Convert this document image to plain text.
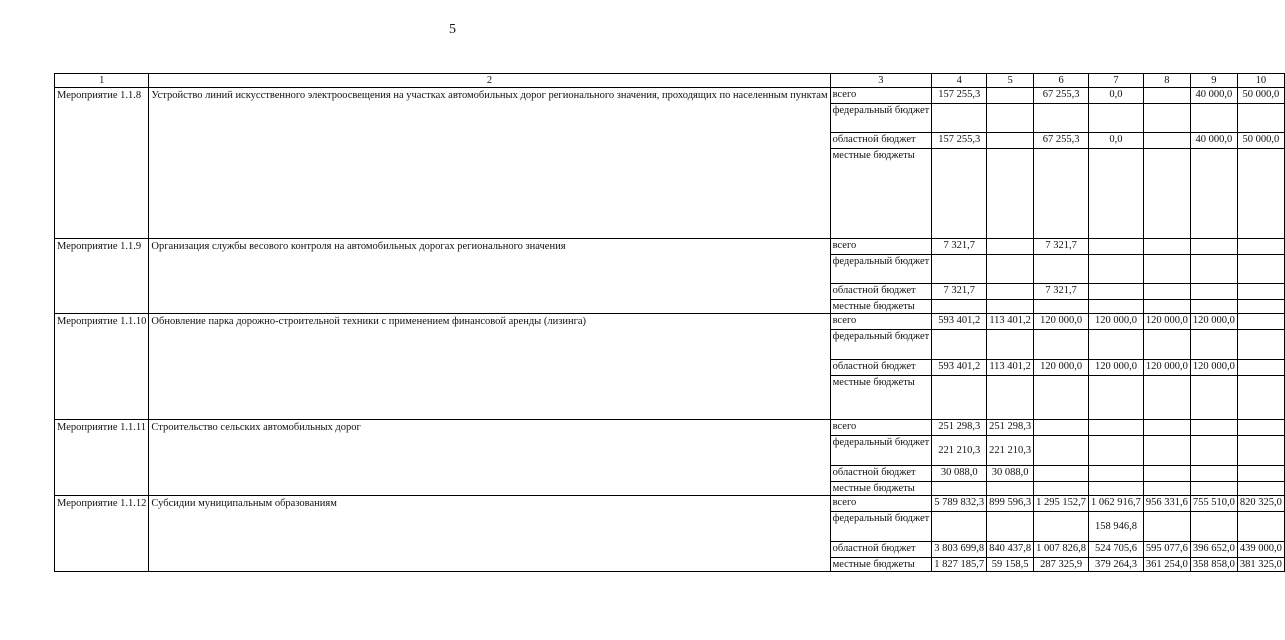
5
1	2	3	4	5	6	7	8	9	10
Мероприятие 1.1.8	Устройство линий искусственного электроосвещения на участках автомобильных дорог регионального значения, проходящих по населенным пунктам	всего	157 255,3		67 255,3	0,0		40 000,0	50 000,0
		федеральный бюджет							
		областной бюджет	157 255,3		67 255,3	0,0		40 000,0	50 000,0
		местные бюджеты							
Мероприятие 1.1.9	Организация службы весового контроля на автомобильных дорогах регионального значения	всего	7 321,7		7 321,7				
		федеральный бюджет							
		областной бюджет	7 321,7		7 321,7				
		местные бюджеты							
Мероприятие 1.1.10	Обновление парка дорожно-строительной техники с применением финансовой аренды (лизинга)	всего	593 401,2	113 401,2	120 000,0	120 000,0	120 000,0	120 000,0	
		федеральный бюджет							
		областной бюджет	593 401,2	113 401,2	120 000,0	120 000,0	120 000,0	120 000,0	
		местные бюджеты							
Мероприятие 1.1.11	Строительство сельских автомобильных дорог	всего	251 298,3	251 298,3					
		федеральный бюджет	221 210,3	221 210,3					
		областной бюджет	30 088,0	30 088,0					
		местные бюджеты							
Мероприятие 1.1.12	Субсидии муниципальным образованиям	всего	5 789 832,3	899 596,3	1 295 152,7	1 062 916,7	956 331,6	755 510,0	820 325,0
		федеральный бюджет				158 946,8			
		областной бюджет	3 803 699,8	840 437,8	1 007 826,8	524 705,6	595 077,6	396 652,0	439 000,0
		местные бюджеты	1 827 185,7	59 158,5	287 325,9	379 264,3	361 254,0	358 858,0	381 325,0
